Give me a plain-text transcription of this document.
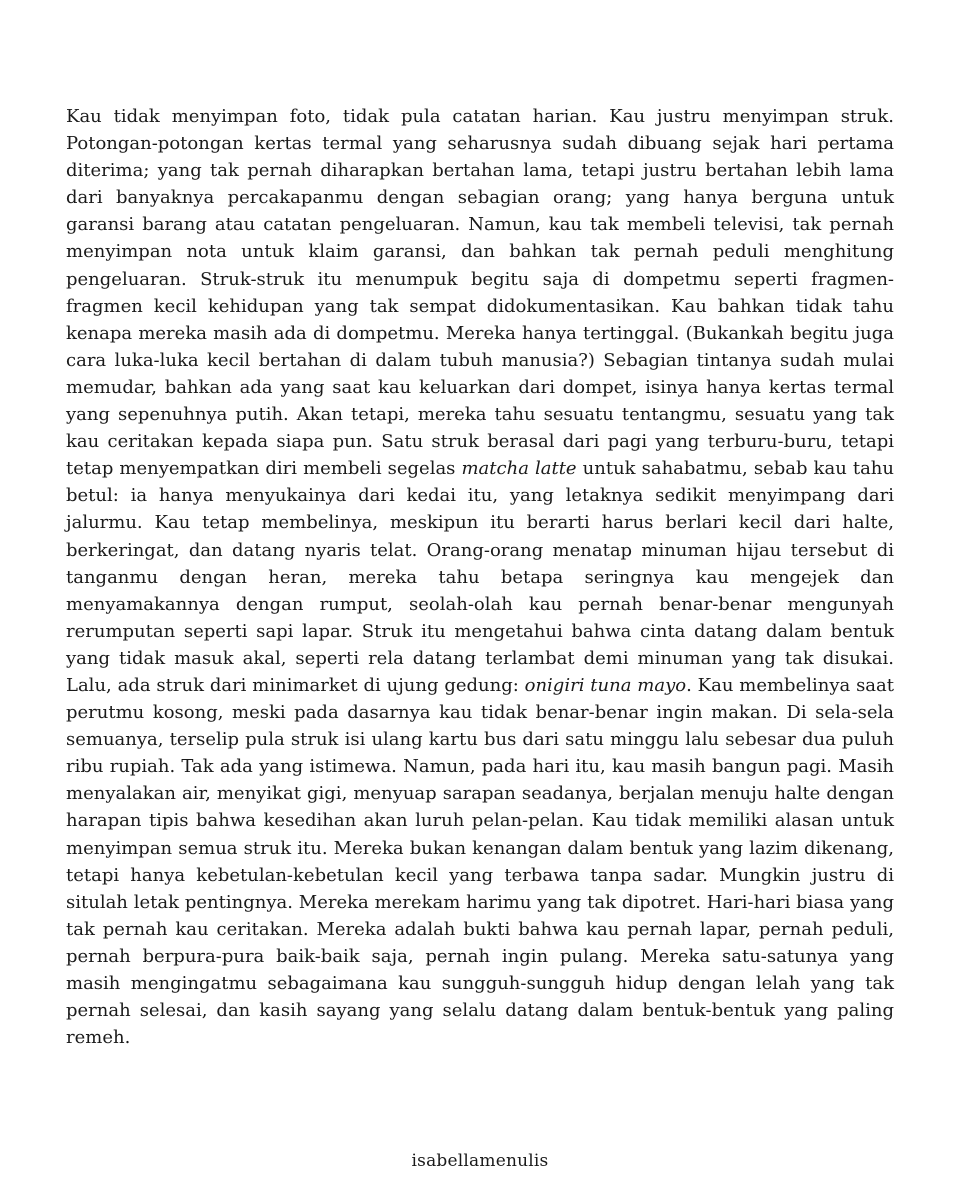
Kau tidak menyimpan foto, tidak pula catatan harian. Kau justru menyimpan struk. Potongan-potongan kertas termal yang seharusnya sudah dibuang sejak hari pertama diterima; yang tak pernah diharapkan bertahan lama, tetapi justru bertahan lebih lama dari banyaknya percakapanmu dengan sebagian orang; yang hanya berguna untuk garansi barang atau catatan pengeluaran. Namun, kau tak membeli televisi, tak pernah menyimpan nota untuk klaim garansi, dan bahkan tak pernah peduli menghitung pengeluaran. Struk-struk itu menumpuk begitu saja di dompetmu seperti fragmen-fragmen kecil kehidupan yang tak sempat didokumentasikan. Kau bahkan tidak tahu kenapa mereka masih ada di dompetmu. Mereka hanya tertinggal. (Bukankah begitu juga cara luka-luka kecil bertahan di dalam tubuh manusia?) Sebagian tintanya sudah mulai memudar, bahkan ada yang saat kau keluarkan dari dompet, isinya hanya kertas termal yang sepenuhnya putih. Akan tetapi, mereka tahu sesuatu tentangmu, sesuatu yang tak kau ceritakan kepada siapa pun. Satu struk berasal dari pagi yang terburu-buru, tetapi tetap menyempatkan diri membeli segelas matcha latte untuk sahabatmu, sebab kau tahu betul: ia hanya menyukainya dari kedai itu, yang letaknya sedikit menyimpang dari jalurmu. Kau tetap membelinya, meskipun itu berarti harus berlari kecil dari halte, berkeringat, dan datang nyaris telat. Orang-orang menatap minuman hijau tersebut di tanganmu dengan heran, mereka tahu betapa seringnya kau mengejek dan menyamakannya dengan rumput, seolah-olah kau pernah benar-benar mengunyah rerumputan seperti sapi lapar. Struk itu mengetahui bahwa cinta datang dalam bentuk yang tidak masuk akal, seperti rela datang terlambat demi minuman yang tak disukai. Lalu, ada struk dari minimarket di ujung gedung: onigiri tuna mayo. Kau membelinya saat perutmu kosong, meski pada dasarnya kau tidak benar-benar ingin makan. Di sela-sela semuanya, terselip pula struk isi ulang kartu bus dari satu minggu lalu sebesar dua puluh ribu rupiah. Tak ada yang istimewa. Namun, pada hari itu, kau masih bangun pagi. Masih menyalakan air, menyikat gigi, menyuap sarapan seadanya, berjalan menuju halte dengan harapan tipis bahwa kesedihan akan luruh pelan-pelan. Kau tidak memiliki alasan untuk menyimpan semua struk itu. Mereka bukan kenangan dalam bentuk yang lazim dikenang, tetapi hanya kebetulan-kebetulan kecil yang terbawa tanpa sadar. Mungkin justru di situlah letak pentingnya. Mereka merekam harimu yang tak dipotret. Hari-hari biasa yang tak pernah kau ceritakan. Mereka adalah bukti bahwa kau pernah lapar, pernah peduli, pernah berpura-pura baik-baik saja, pernah ingin pulang. Mereka satu-satunya yang masih mengingatmu sebagaimana kau sungguh-sungguh hidup dengan lelah yang tak pernah selesai, dan kasih sayang yang selalu datang dalam bentuk-bentuk yang paling remeh.

isabellamenulis
